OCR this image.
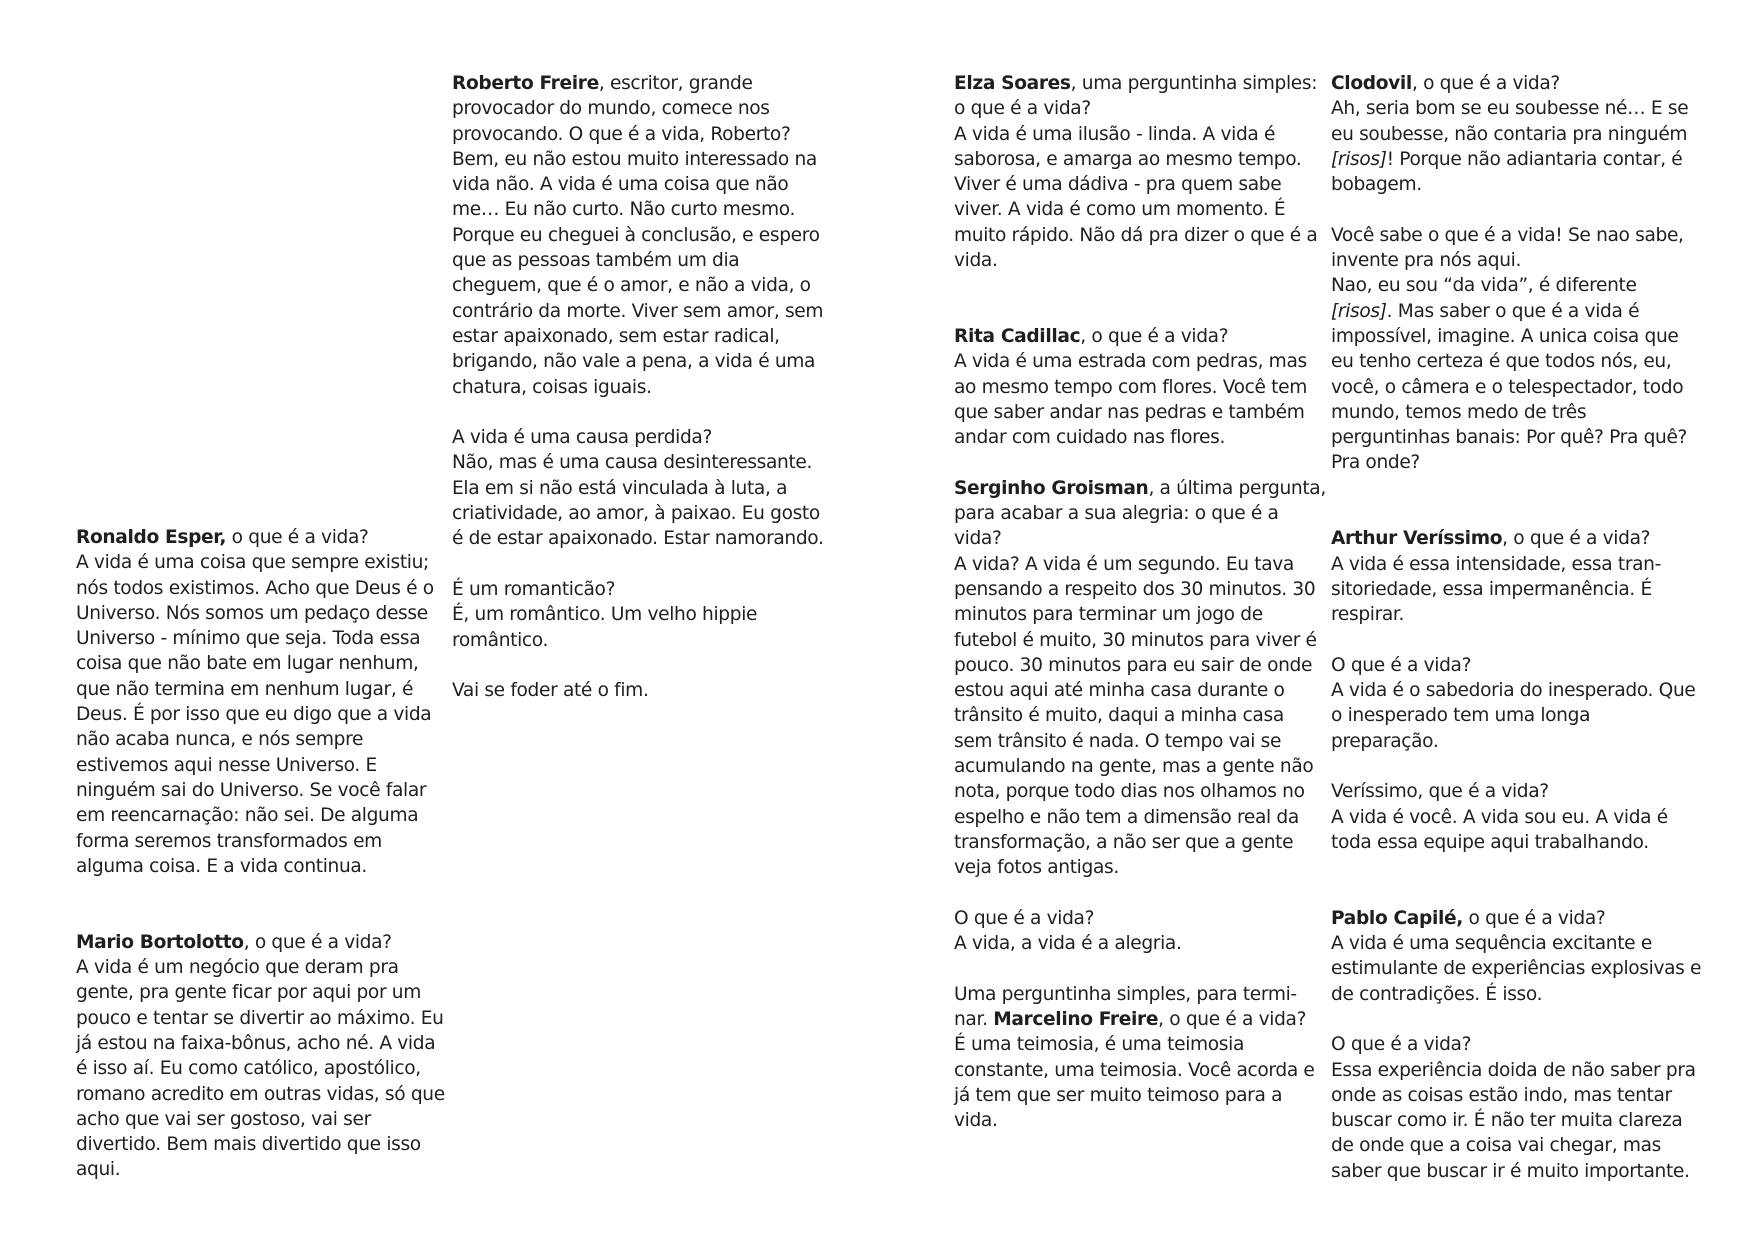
Ronaldo Esper, o que é a vida?

A vida é uma coisa que sempre existiu; nós todos existimos. Acho que Deus é o Universo. Nós somos um pedaço desse Universo - mínimo que seja. Toda essa coisa que não bate em lugar nenhum, que não termina em nenhum lugar, é Deus. É por isso que eu digo que a vida não acaba nunca, e nós sempre estivemos aqui nesse Universo. E ninguém sai do Universo. Se você falar em reencarnação: não sei. De alguma forma seremos transformados em alguma coisa. E a vida continua.

Mario Bortolotto, o que é a vida?

A vida é um negócio que deram pra gente, pra gente ficar por aqui por um pouco e tentar se divertir ao máximo. Eu já estou na faixa-bônus, acho né. A vida é isso aí. Eu como católico, apostólico, romano acredito em outras vidas, só que acho que vai ser gostoso, vai ser divertido. Bem mais divertido que isso aqui.

Roberto Freire, escritor, grande provocador do mundo, comece nos provocando. O que é a vida, Roberto?

Bem, eu não estou muito interessado na vida não. A vida é uma coisa que não me… Eu não curto. Não curto mesmo. Porque eu cheguei à conclusão, e espero que as pessoas também um dia cheguem, que é o amor, e não a vida, o contrário da morte. Viver sem amor, sem estar apaixonado, sem estar radical, brigando, não vale a pena, a vida é uma chatura, coisas iguais.

A vida é uma causa perdida?

Não, mas é uma causa desinteressante. Ela em si não está vinculada à luta, a criatividade, ao amor, à paixao. Eu gosto é de estar apaixonado. Estar namorando.

É um romanticão?

É, um romântico. Um velho hippie romântico.

Vai se foder até o fim.

Elza Soares, uma perguntinha simples: o que é a vida?

A vida é uma ilusão - linda. A vida é saborosa, e amarga ao mesmo tempo. Viver é uma dádiva - pra quem sabe viver. A vida é como um momento. É muito rápido. Não dá pra dizer o que é a vida.

Rita Cadillac, o que é a vida?

A vida é uma estrada com pedras, mas ao mesmo tempo com flores. Você tem que saber andar nas pedras e também andar com cuidado nas flores.

Serginho Groisman, a última pergunta, para acabar a sua alegria: o que é a vida?

A vida? A vida é um segundo. Eu tava pensando a respeito dos 30 minutos. 30 minutos para terminar um jogo de futebol é muito, 30 minutos para viver é pouco. 30 minutos para eu sair de onde estou aqui até minha casa durante o trânsito é muito, daqui a minha casa sem trânsito é nada. O tempo vai se acumulando na gente, mas a gente não nota, porque todo dias nos olhamos no espelho e não tem a dimensão real da transformação, a não ser que a gente veja fotos antigas.

O que é a vida?

A vida, a vida é a alegria.

Uma perguntinha simples, para termi-nar. Marcelino Freire, o que é a vida?

É uma teimosia, é uma teimosia constante, uma teimosia. Você acorda e já tem que ser muito teimoso para a vida.

Clodovil, o que é a vida?

Ah, seria bom se eu soubesse né… E se eu soubesse, não contaria pra ninguém [risos]! Porque não adiantaria contar, é bobagem.

Você sabe o que é a vida! Se nao sabe, invente pra nós aqui.

Nao, eu sou “da vida”, é diferente [risos]. Mas saber o que é a vida é impossível, imagine. A unica coisa que eu tenho certeza é que todos nós, eu, você, o câmera e o telespectador, todo mundo, temos medo de três perguntinhas banais: Por quê? Pra quê? Pra onde?

Arthur Veríssimo, o que é a vida?

A vida é essa intensidade, essa tran-sitoriedade, essa impermanência. É respirar.

O que é a vida?

A vida é o sabedoria do inesperado. Que o inesperado tem uma longa preparação.

Veríssimo, que é a vida?

A vida é você. A vida sou eu. A vida é toda essa equipe aqui trabalhando.

Pablo Capilé, o que é a vida?

A vida é uma sequência excitante e estimulante de experiências explosivas e de contradições. É isso.

O que é a vida?

Essa experiência doida de não saber pra onde as coisas estão indo, mas tentar buscar como ir. É não ter muita clareza de onde que a coisa vai chegar, mas saber que buscar ir é muito importante.
